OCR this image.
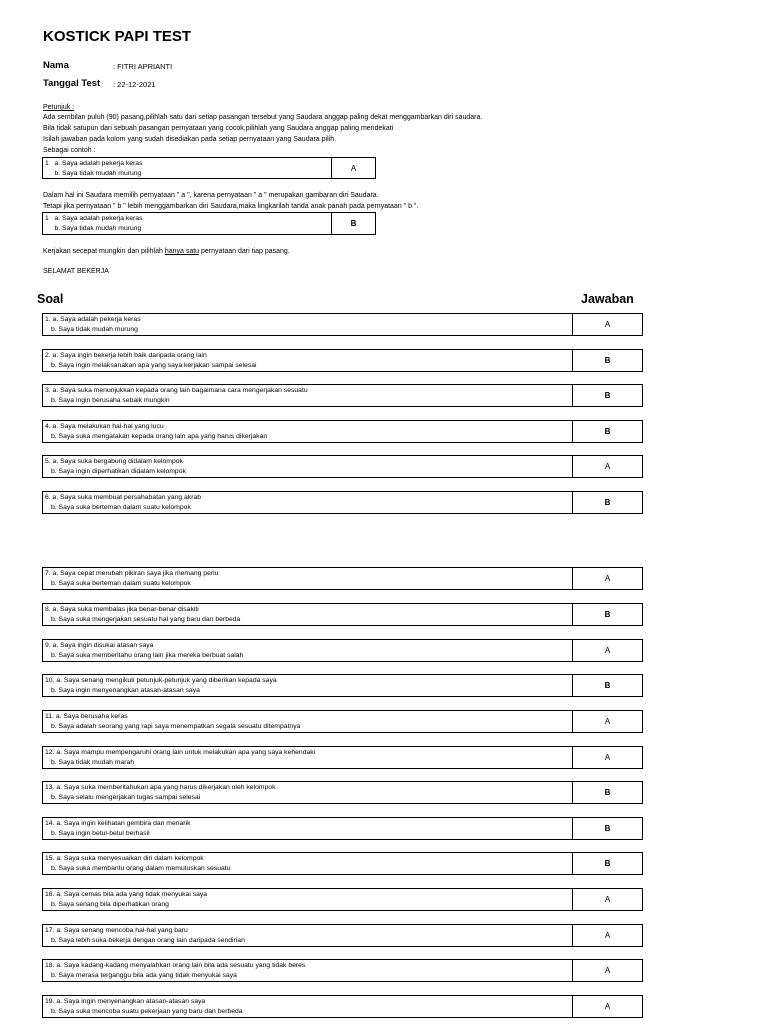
KOSTICK PAPI TEST
Nama	: FITRI APRIANTI
Tanggal Test : 22-12-2021
Petunjuk :
Ada sembilan puluh (90) pasang,pilihlah satu dari setiap pasangan tersebut yang Saudara anggap paling dekat menggambarkan diri saudara.
Bila tidak satupun dari sebuah pasangan pernyataan yang cocok,pilihlah yang Saudara anggap paling mendekati
Isilah jawaban pada kolom yang sudah disediakan pada setiap pernyataan yang Saudara pilih.
Sebagai contoh :
1   a. Saya adalah pekerja keras
b. Saya tidak mudah murung
A
Dalam hal ini Saudara memilih pernyataan " a ", karena pernyataan " a " merupakan gambaran diri Saudara.
Tetapi jika pernyataan " b " lebih menggambarkan diri Saudara,maka lingkarilah tanda anak panah pada pernyataan " b ".
1   a. Saya adalah pekerja keras
b. Saya tidak mudah murung	B
Kerjakan secepat mungkin dan pilihlah hanya satu pernyataan dari tiap pasang.
SELAMAT BEKERJA
Soal	Jawaban
1. a. Saya adalah pekerja keras
b. Saya tidak mudah murung
A
2. a. Saya ingin bekerja lebih baik daripada orang lain
b. Saya ingin melaksanakan apa yang saya kerjakan sampai selesai
B
3. a. Saya suka menunjukkan kepada orang lain bagaimana cara mengerjakan sesuatu
b. Saya ingin berusaha sebaik mungkin
B
4. a. Saya melakukan hal-hal yang lucu
b. Saya suka mengatakan kepada orang lain apa yang harus dikerjakan
B
5. a. Saya suka bergabung didalam kelompok
b. Saya ingin diperhatikan didalam kelompok
A
6. a. Saya suka membuat persahabatan yang akrab
b. Saya suka berteman dalam suatu kelompok
B
7. a. Saya cepat merubah pikiran saya jika memang perlu
b. Saya suka berteman dalam suatu kelompok
A
8. a. Saya suka membalas jika benar-benar disakiti
b. Saya suka mengerjakan sesuatu hal yang baru dan berbeda
B
9. a. Saya ingin disukai atasan saya
b. Saya suka memberitahu orang lain jika mereka berbuat salah
A
10. a. Saya senang mengikuti petunjuk-petunjuk yang diberikan kepada saya
b. Saya ingin menyenangkan atasan-atasan saya
B
11. a. Saya berusaha keras
b. Saya adalah seorang yang rapi saya menempatkan segala sesuatu ditempatnya
A
12. a. Saya mampu mempengaruhi orang lain untuk melakukan apa yang saya kehendaki
b. Saya tidak mudah marah
A
13. a. Saya suka memberitahukan apa yang harus dikerjakan oleh kelompok
b. Saya selalu mengerjakan tugas sampai selesai
B
14. a. Saya ingin kelihatan gembira dan menarik
b. Saya ingin betul-betul berhasil
B
15. a. Saya suka menyesuaikan diri dalam kelompok
b. Saya suka membantu orang dalam memutuskan sesuatu
B
16. a. Saya cemas bila ada yang tidak menyukai saya
b. Saya senang bila diperhatikan orang
A
17. a. Saya senang mencoba hal-hal yang baru
b. Saya lebih suka bekerja dengan orang lain daripada sendirian
A
18. a. Saya kadang-kadang menyalahkan orang lain bila ada sesuatu yang tidak beres
b. Saya merasa terganggu bila ada yang tidak menyukai saya
A
19. a. Saya ingin menyenangkan atasan-atasan saya
b. Saya suka mencoba suatu pekerjaan yang baru dan berbeda
A
